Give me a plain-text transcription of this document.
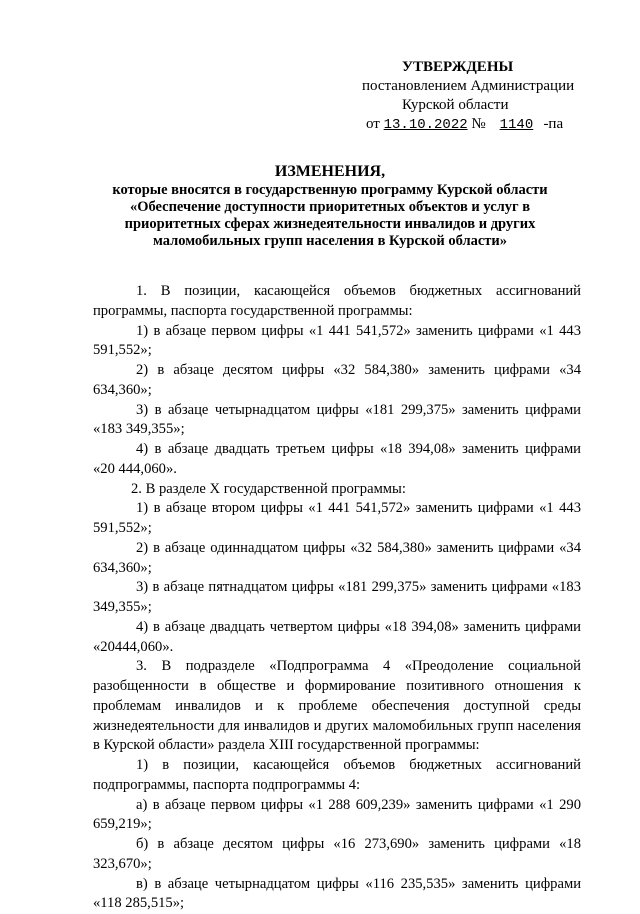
УТВЕРЖДЕНЫ
постановлением Администрации
Курской области
от 13.10.2022 № 1140 -па
ИЗМЕНЕНИЯ,
которые вносятся в государственную программу Курской области
«Обеспечение доступности приоритетных объектов и услуг в
приоритетных сферах жизнедеятельности инвалидов и других
маломобильных групп населения в Курской области»

1. В позиции, касающейся объемов бюджетных ассигнований программы, паспорта государственной программы:

1) в абзаце первом цифры «1 441 541,572» заменить цифрами «1 443 591,552»;

2) в абзаце десятом цифры «32 584,380» заменить цифрами «34 634,360»;

3) в абзаце четырнадцатом цифры «181 299,375» заменить цифрами «183 349,355»;

4) в абзаце двадцать третьем цифры «18 394,08» заменить цифрами «20 444,060».

2. В разделе X государственной программы:

1) в абзаце втором цифры «1 441 541,572» заменить цифрами «1 443 591,552»;

2) в абзаце одиннадцатом цифры «32 584,380» заменить цифрами «34 634,360»;

3) в абзаце пятнадцатом цифры «181 299,375» заменить цифрами «183 349,355»;

4) в абзаце двадцать четвертом цифры «18 394,08» заменить цифрами «20444,060».

3. В подразделе «Подпрограмма 4 «Преодоление социальной разобщенности в обществе и формирование позитивного отношения к проблемам инвалидов и к проблеме обеспечения доступной среды жизнедеятельности для инвалидов и других маломобильных групп населения в Курской области» раздела XIII государственной программы:

1) в позиции, касающейся объемов бюджетных ассигнований подпрограммы, паспорта подпрограммы 4:

а) в абзаце первом цифры «1 288 609,239» заменить цифрами «1 290 659,219»;

б) в абзаце десятом цифры «16 273,690» заменить цифрами «18 323,670»;

в) в абзаце четырнадцатом цифры «116 235,535» заменить цифрами «118 285,515»;
